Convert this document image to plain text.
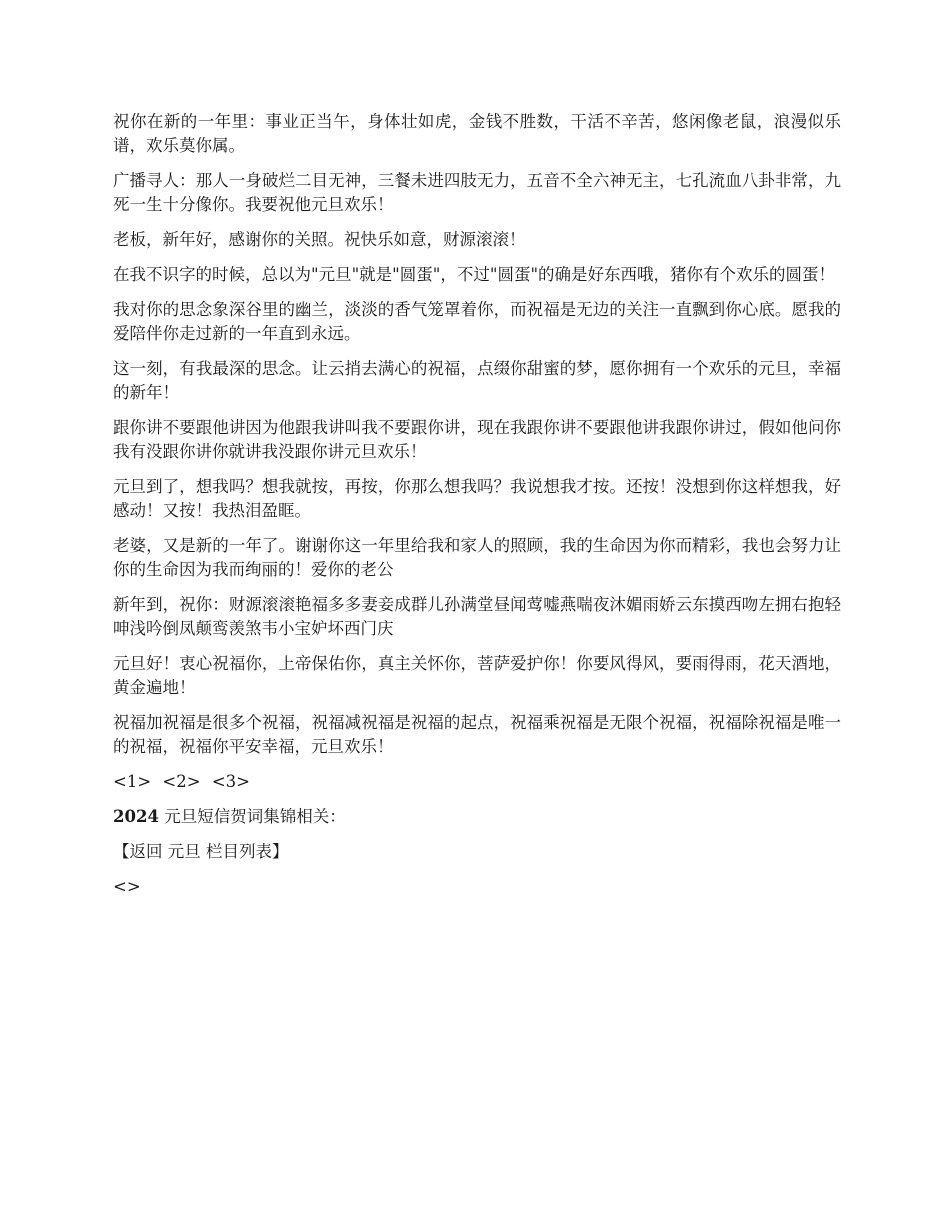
祝你在新的一年里：事业正当午，身体壮如虎，金钱不胜数，干活不辛苦，悠闲像老鼠，浪漫似乐谱，欢乐莫你属。

广播寻人：那人一身破烂二目无神，三餐未进四肢无力，五音不全六神无主，七孔流血八卦非常，九死一生十分像你。我要祝他元旦欢乐！

老板，新年好，感谢你的关照。祝快乐如意，财源滚滚！

在我不识字的时候，总以为"元旦"就是"圆蛋"，不过"圆蛋"的确是好东西哦，猪你有个欢乐的圆蛋！

我对你的思念象深谷里的幽兰，淡淡的香气笼罩着你，而祝福是无边的关注一直飘到你心底。愿我的爱陪伴你走过新的一年直到永远。

这一刻，有我最深的思念。让云捎去满心的祝福，点缀你甜蜜的梦，愿你拥有一个欢乐的元旦，幸福的新年！

跟你讲不要跟他讲因为他跟我讲叫我不要跟你讲，现在我跟你讲不要跟他讲我跟你讲过，假如他问你我有没跟你讲你就讲我没跟你讲元旦欢乐！

元旦到了，想我吗？想我就按，再按，你那么想我吗？我说想我才按。还按！没想到你这样想我，好感动！又按！我热泪盈眶。

老婆，又是新的一年了。谢谢你这一年里给我和家人的照顾，我的生命因为你而精彩，我也会努力让你的生命因为我而绚丽的！爱你的老公

新年到，祝你：财源滚滚艳福多多妻妾成群儿孙满堂昼闻莺嘘燕喘夜沐媚雨娇云东摸西吻左拥右抱轻呻浅吟倒凤颠鸾羡煞韦小宝妒坏西门庆

元旦好！衷心祝福你，上帝保佑你，真主关怀你，菩萨爱护你！你要风得风，要雨得雨，花天酒地，黄金遍地！

祝福加祝福是很多个祝福，祝福减祝福是祝福的起点，祝福乘祝福是无限个祝福，祝福除祝福是唯一的祝福，祝福你平安幸福，元旦欢乐！

<1> <2> <3>

2024 元旦短信贺词集锦相关：

【返回 元旦 栏目列表】

<>
